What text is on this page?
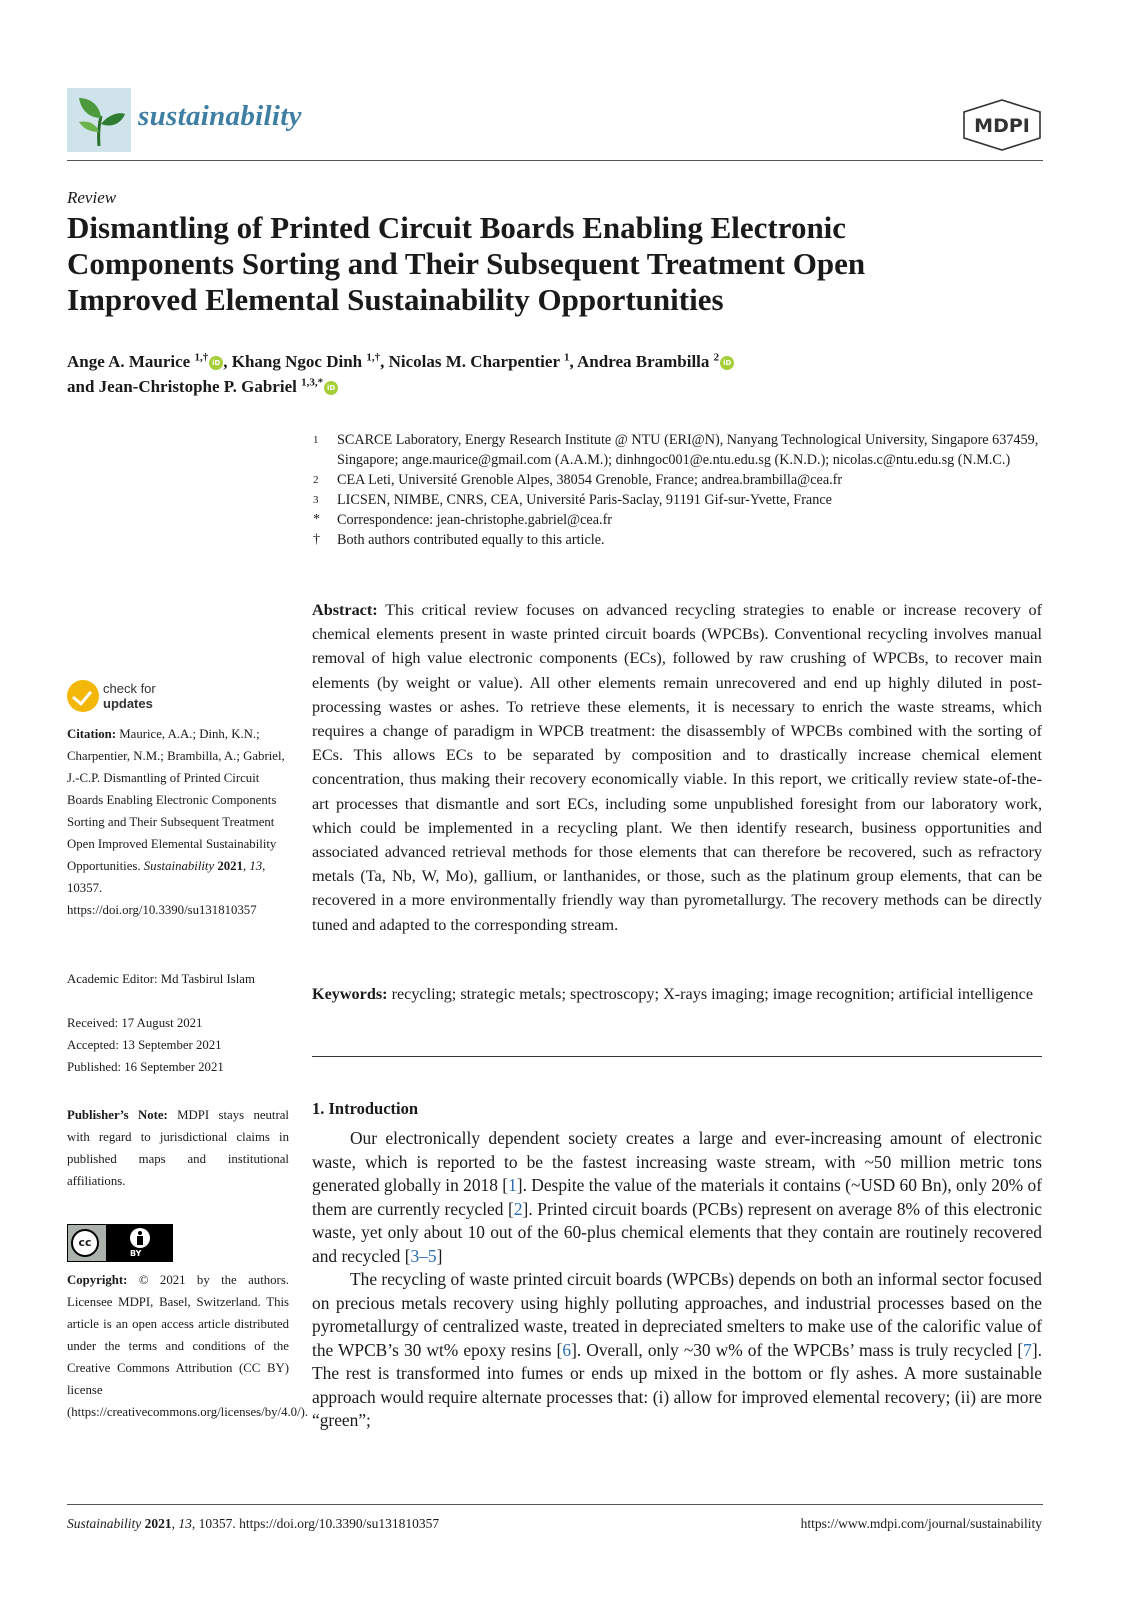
sustainability	MDPI
Review
Dismantling of Printed Circuit Boards Enabling Electronic
Components Sorting and Their Subsequent Treatment Open
Improved Elemental Sustainability Opportunities
Ange A. Maurice $^{1,\dagger}$ iD , Khang Ngoc Dinh $^{1,\dagger}$, Nicolas M. Charpentier $^1$, Andrea Brambilla $^2$ iD
and Jean-Christophe P. Gabriel $^{1,3,*}$ iD
1 SCARCE Laboratory, Energy Research Institute @ NTU (ERI@N), Nanyang Technological University, Singapore 637459, Singapore; ange.maurice@gmail.com (A.A.M.); dinhngoc001@e.ntu.edu.sg (K.N.D.); nicolas.c@ntu.edu.sg (N.M.C.)
2 CEA Leti, Université Grenoble Alpes, 38054 Grenoble, France; andrea.brambilla@cea.fr
3 LICSEN, NIMBE, CNRS, CEA, Université Paris-Saclay, 91191 Gif-sur-Yvette, France
* Correspondence: jean-christophe.gabriel@cea.fr
† Both authors contributed equally to this article.
Abstract: This critical review focuses on advanced recycling strategies to enable or increase recovery of chemical elements present in waste printed circuit boards (WPCBs). Conventional recycling involves manual removal of high value electronic components (ECs), followed by raw crushing of WPCBs, to recover main elements (by weight or value). All other elements remain unrecovered and end up highly diluted in post-processing wastes or ashes. To retrieve these elements, it is necessary to enrich the waste streams, which requires a change of paradigm in WPCB treatment: the disassembly of WPCBs combined with the sorting of ECs. This allows ECs to be separated by composition and to drastically increase chemical element concentration, thus making their recovery economically viable. In this report, we critically review state-of-the-art processes that dismantle and sort ECs, including some unpublished foresight from our laboratory work, which could be implemented in a recycling plant. We then identify research, business opportunities and associated advanced retrieval methods for those elements that can therefore be recovered, such as refractory metals (Ta, Nb, W, Mo), gallium, or lanthanides, or those, such as the platinum group elements, that can be recovered in a more environmentally friendly way than pyrometallurgy. The recovery methods can be directly tuned and adapted to the corresponding stream.
Keywords: recycling; strategic metals; spectroscopy; X-rays imaging; image recognition; artificial intelligence
1. Introduction

Our electronically dependent society creates a large and ever-increasing amount of electronic waste, which is reported to be the fastest increasing waste stream, with ~50 million metric tons generated globally in 2018 [1]. Despite the value of the materials it contains (~USD 60 Bn), only 20% of them are currently recycled [2]. Printed circuit boards (PCBs) represent on average 8% of this electronic waste, yet only about 10 out of the 60-plus chemical elements that they contain are routinely recovered and recycled [3–5]

The recycling of waste printed circuit boards (WPCBs) depends on both an informal sector focused on precious metals recovery using highly polluting approaches, and industrial processes based on the pyrometallurgy of centralized waste, treated in depreciated smelters to make use of the calorific value of the WPCB’s 30 wt% epoxy resins [6]. Overall, only ~30 w% of the WPCBs’ mass is truly recycled [7]. The rest is transformed into fumes or ends up mixed in the bottom or fly ashes. A more sustainable approach would require alternate processes that: (i) allow for improved elemental recovery; (ii) are more “green”;

check for
updates
Citation: Maurice, A.A.; Dinh, K.N.; Charpentier, N.M.; Brambilla, A.; Gabriel, J.-C.P. Dismantling of Printed Circuit Boards Enabling Electronic Components Sorting and Their Subsequent Treatment Open Improved Elemental Sustainability Opportunities. Sustainability 2021, 13, 10357. https://doi.org/10.3390/su131810357
Academic Editor: Md Tasbirul Islam
Received: 17 August 2021
Accepted: 13 September 2021
Published: 16 September 2021
Publisher’s Note: MDPI stays neutral with regard to jurisdictional claims in published maps and institutional affiliations.
cc
BY
Copyright: © 2021 by the authors. Licensee MDPI, Basel, Switzerland. This article is an open access article distributed under the terms and conditions of the Creative Commons Attribution (CC BY) license (https://creativecommons.org/licenses/by/4.0/).
Sustainability 2021, 13, 10357. https://doi.org/10.3390/su131810357	https://www.mdpi.com/journal/sustainability
